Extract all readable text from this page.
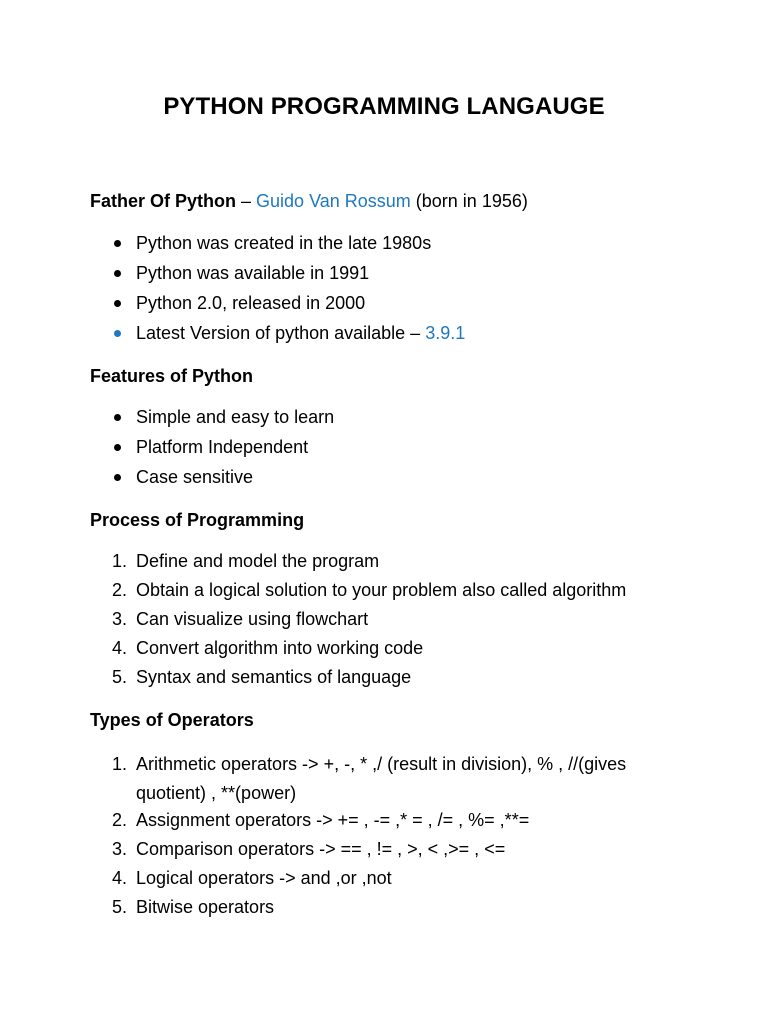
PYTHON PROGRAMMING LANGAUGE
Father Of Python – Guido Van Rossum (born in 1956)
Python was created in the late 1980s
Python was available in 1991
Python 2.0, released in 2000
Latest Version of python available – 3.9.1
Features of Python
Simple and easy to learn
Platform Independent
Case sensitive
Process of Programming
1. Define and model the program
2. Obtain a logical solution to your problem also called algorithm
3. Can visualize using flowchart
4. Convert algorithm into working code
5. Syntax and semantics of language
Types of Operators
1. Arithmetic operators -> +, -, * ,/ (result in division), % , //(gives quotient) , **(power)
2. Assignment operators -> += , -= ,* = , /= , %= ,**=
3. Comparison operators -> == , != , >, < ,>= , <=
4. Logical operators -> and ,or ,not
5. Bitwise operators
